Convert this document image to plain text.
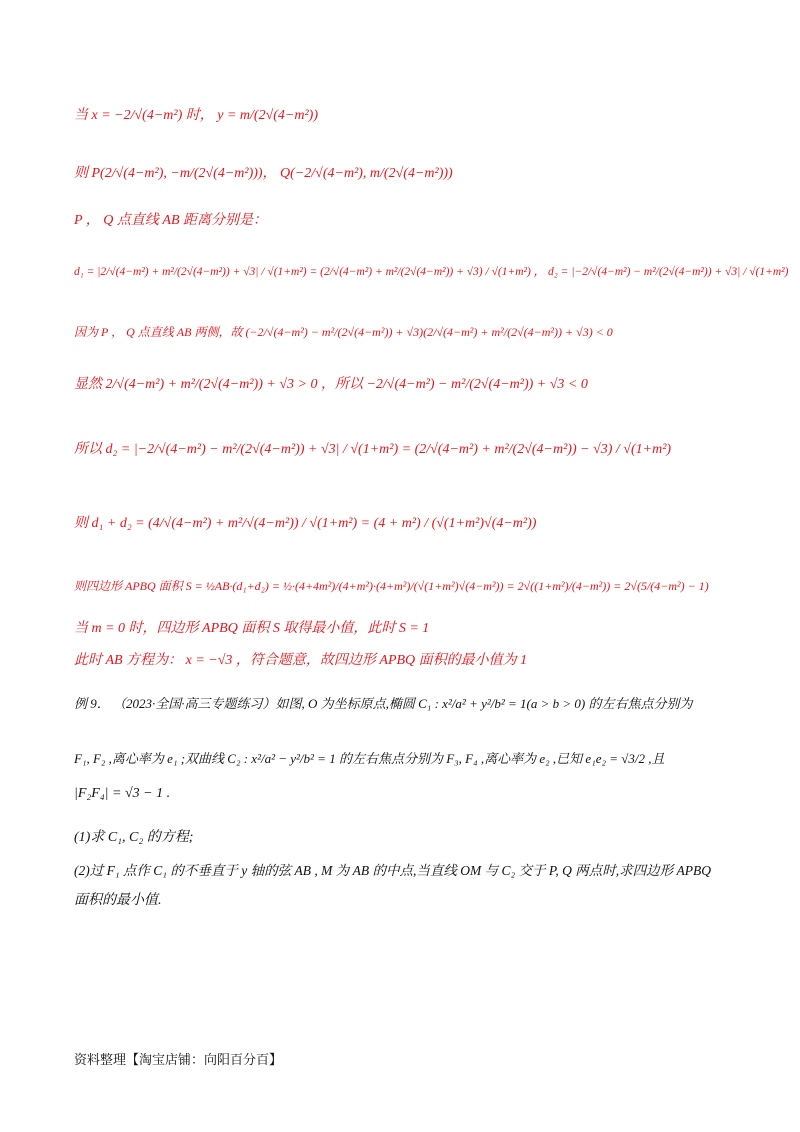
当 x = −2/√(4−m²) 时， y = m/(2√(4−m²))
则 P(2/√(4−m²), −m/(2√(4−m²)))， Q(−2/√(4−m²), m/(2√(4−m²)))
P ， Q 点直线 AB 距离分别是：
d₁ = |2/√(4−m²) + m²/(2√(4−m²)) + √3| / √(1+m²) = (2/√(4−m²) + m²/(2√(4−m²)) + √3) / √(1+m²) ， d₂ = |−2/√(4−m²) − m²/(2√(4−m²)) + √3| / √(1+m²)
因为 P ， Q 点直线 AB 两侧，故 (−2/√(4−m²) − m²/(2√(4−m²)) + √3)(2/√(4−m²) + m²/(2√(4−m²)) + √3) < 0
显然 2/√(4−m²) + m²/(2√(4−m²)) + √3 > 0 ，所以 −2/√(4−m²) − m²/(2√(4−m²)) + √3 < 0
所以 d₂ = |−2/√(4−m²) − m²/(2√(4−m²)) + √3| / √(1+m²) = (2/√(4−m²) + m²/(2√(4−m²)) − √3) / √(1+m²)
则 d₁ + d₂ = (4/√(4−m²) + m²/√(4−m²)) / √(1+m²) = (4 + m²) / (√(1+m²)√(4−m²))
则四边形 APBQ 面积 S = ½AB·(d₁+d₂) = ½·(4+4m²)/(4+m²)·(4+m²)/(√(1+m²)√(4−m²)) = 2√((1+m²)/(4−m²)) = 2√(5/(4−m²) − 1)
当 m = 0 时，四边形 APBQ 面积 S 取得最小值，此时 S = 1
此时 AB 方程为： x = −√3 ，符合题意，故四边形 APBQ 面积的最小值为 1
例 9． （2023·全国·高三专题练习）如图, O 为坐标原点,椭圆 C₁ : x²/a² + y²/b² = 1(a > b > 0) 的左右焦点分别为
F₁, F₂ ,离心率为 e₁ ;双曲线 C₂ : x²/a² − y²/b² = 1 的左右焦点分别为 F₃, F₄ ,离心率为 e₂ ,已知 e₁e₂ = √3/2 ,且
|F₂F₄| = √3 − 1 .
(1)求 C₁, C₂ 的方程;
(2)过 F₁ 点作 C₁ 的不垂直于 y 轴的弦 AB , M 为 AB 的中点,当直线 OM 与 C₂ 交于 P, Q 两点时,求四边形 APBQ
面积的最小值.
资料整理【淘宝店铺：向阳百分百】
